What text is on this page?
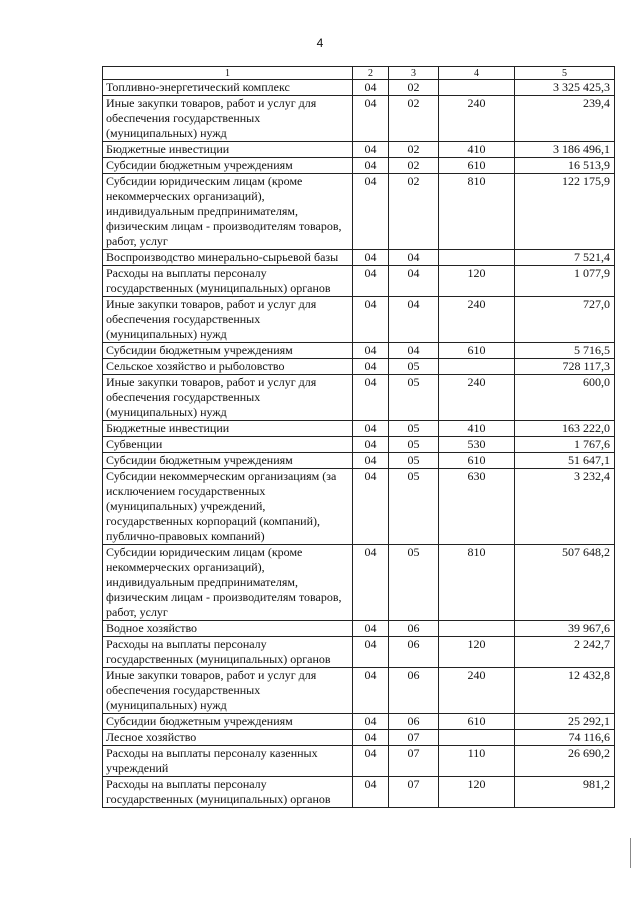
4
1	2	3	4	5
Топливно-энергетический комплекс	04	02		3 325 425,3
Иные закупки товаров, работ и услуг для обеспечения государственных (муниципальных) нужд	04	02	240	239,4
Бюджетные инвестиции	04	02	410	3 186 496,1
Субсидии бюджетным учреждениям	04	02	610	16 513,9
Субсидии юридическим лицам (кроме некоммерческих организаций), индивидуальным предпринимателям, физическим лицам - производителям товаров, работ, услуг	04	02	810	122 175,9
Воспроизводство минерально-сырьевой базы	04	04		7 521,4
Расходы на выплаты персоналу государственных (муниципальных) органов	04	04	120	1 077,9
Иные закупки товаров, работ и услуг для обеспечения государственных (муниципальных) нужд	04	04	240	727,0
Субсидии бюджетным учреждениям	04	04	610	5 716,5
Сельское хозяйство и рыболовство	04	05		728 117,3
Иные закупки товаров, работ и услуг для обеспечения государственных (муниципальных) нужд	04	05	240	600,0
Бюджетные инвестиции	04	05	410	163 222,0
Субвенции	04	05	530	1 767,6
Субсидии бюджетным учреждениям	04	05	610	51 647,1
Субсидии некоммерческим организациям (за исключением государственных (муниципальных) учреждений, государственных корпораций (компаний), публично-правовых компаний)	04	05	630	3 232,4
Субсидии юридическим лицам (кроме некоммерческих организаций), индивидуальным предпринимателям, физическим лицам - производителям товаров, работ, услуг	04	05	810	507 648,2
Водное хозяйство	04	06		39 967,6
Расходы на выплаты персоналу государственных (муниципальных) органов	04	06	120	2 242,7
Иные закупки товаров, работ и услуг для обеспечения государственных (муниципальных) нужд	04	06	240	12 432,8
Субсидии бюджетным учреждениям	04	06	610	25 292,1
Лесное хозяйство	04	07		74 116,6
Расходы на выплаты персоналу казенных учреждений	04	07	110	26 690,2
Расходы на выплаты персоналу государственных (муниципальных) органов	04	07	120	981,2
